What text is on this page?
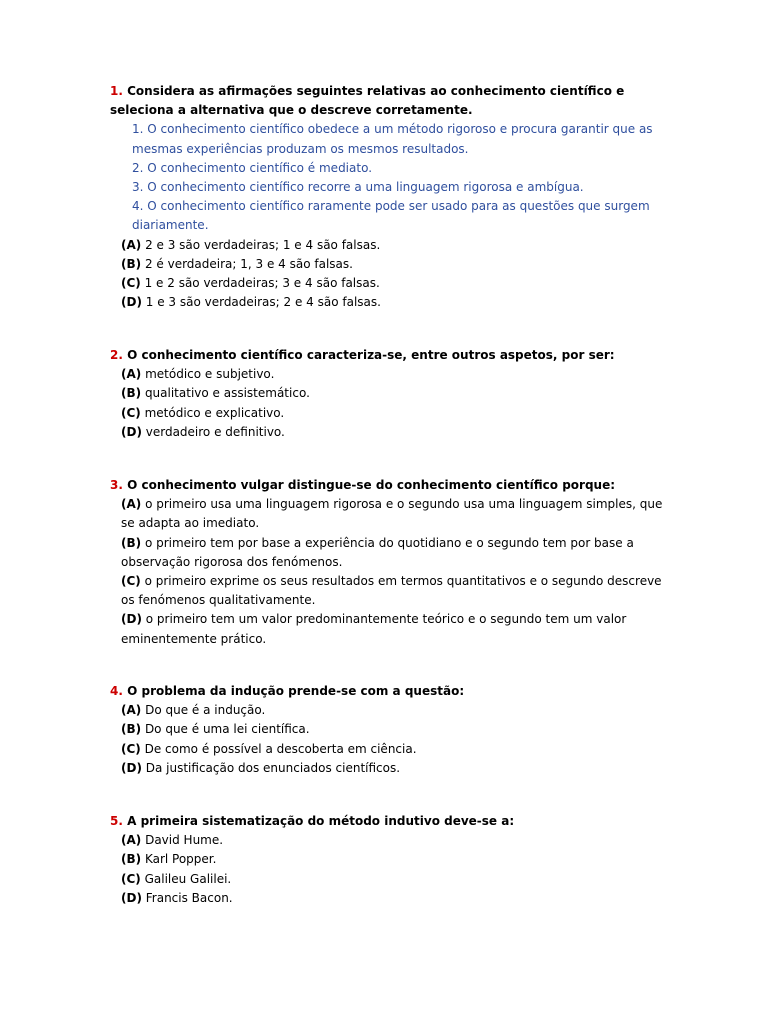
1. Considera as afirmações seguintes relativas ao conhecimento científico e seleciona a alternativa que o descreve corretamente.

1. O conhecimento científico obedece a um método rigoroso e procura garantir que as mesmas experiências produzam os mesmos resultados.
2. O conhecimento científico é mediato.
3. O conhecimento científico recorre a uma linguagem rigorosa e ambígua.
4. O conhecimento científico raramente pode ser usado para as questões que surgem diariamente.
(A) 2 e 3 são verdadeiras; 1 e 4 são falsas.
(B) 2 é verdadeira; 1, 3 e 4 são falsas.
(C) 1 e 2 são verdadeiras; 3 e 4 são falsas.
(D) 1 e 3 são verdadeiras; 2 e 4 são falsas.

2. O conhecimento científico caracteriza-se, entre outros aspetos, por ser:

(A) metódico e subjetivo.
(B) qualitativo e assistemático.
(C) metódico e explicativo.
(D) verdadeiro e definitivo.

3. O conhecimento vulgar distingue-se do conhecimento científico porque:

(A) o primeiro usa uma linguagem rigorosa e o segundo usa uma linguagem simples, que se adapta ao imediato.
(B) o primeiro tem por base a experiência do quotidiano e o segundo tem por base a observação rigorosa dos fenómenos.
(C) o primeiro exprime os seus resultados em termos quantitativos e o segundo descreve os fenómenos qualitativamente.
(D) o primeiro tem um valor predominantemente teórico e o segundo tem um valor eminentemente prático.

4. O problema da indução prende-se com a questão:

(A) Do que é a indução.
(B) Do que é uma lei científica.
(C) De como é possível a descoberta em ciência.
(D) Da justificação dos enunciados científicos.

5. A primeira sistematização do método indutivo deve-se a:

(A) David Hume.
(B) Karl Popper.
(C) Galileu Galilei.
(D) Francis Bacon.
